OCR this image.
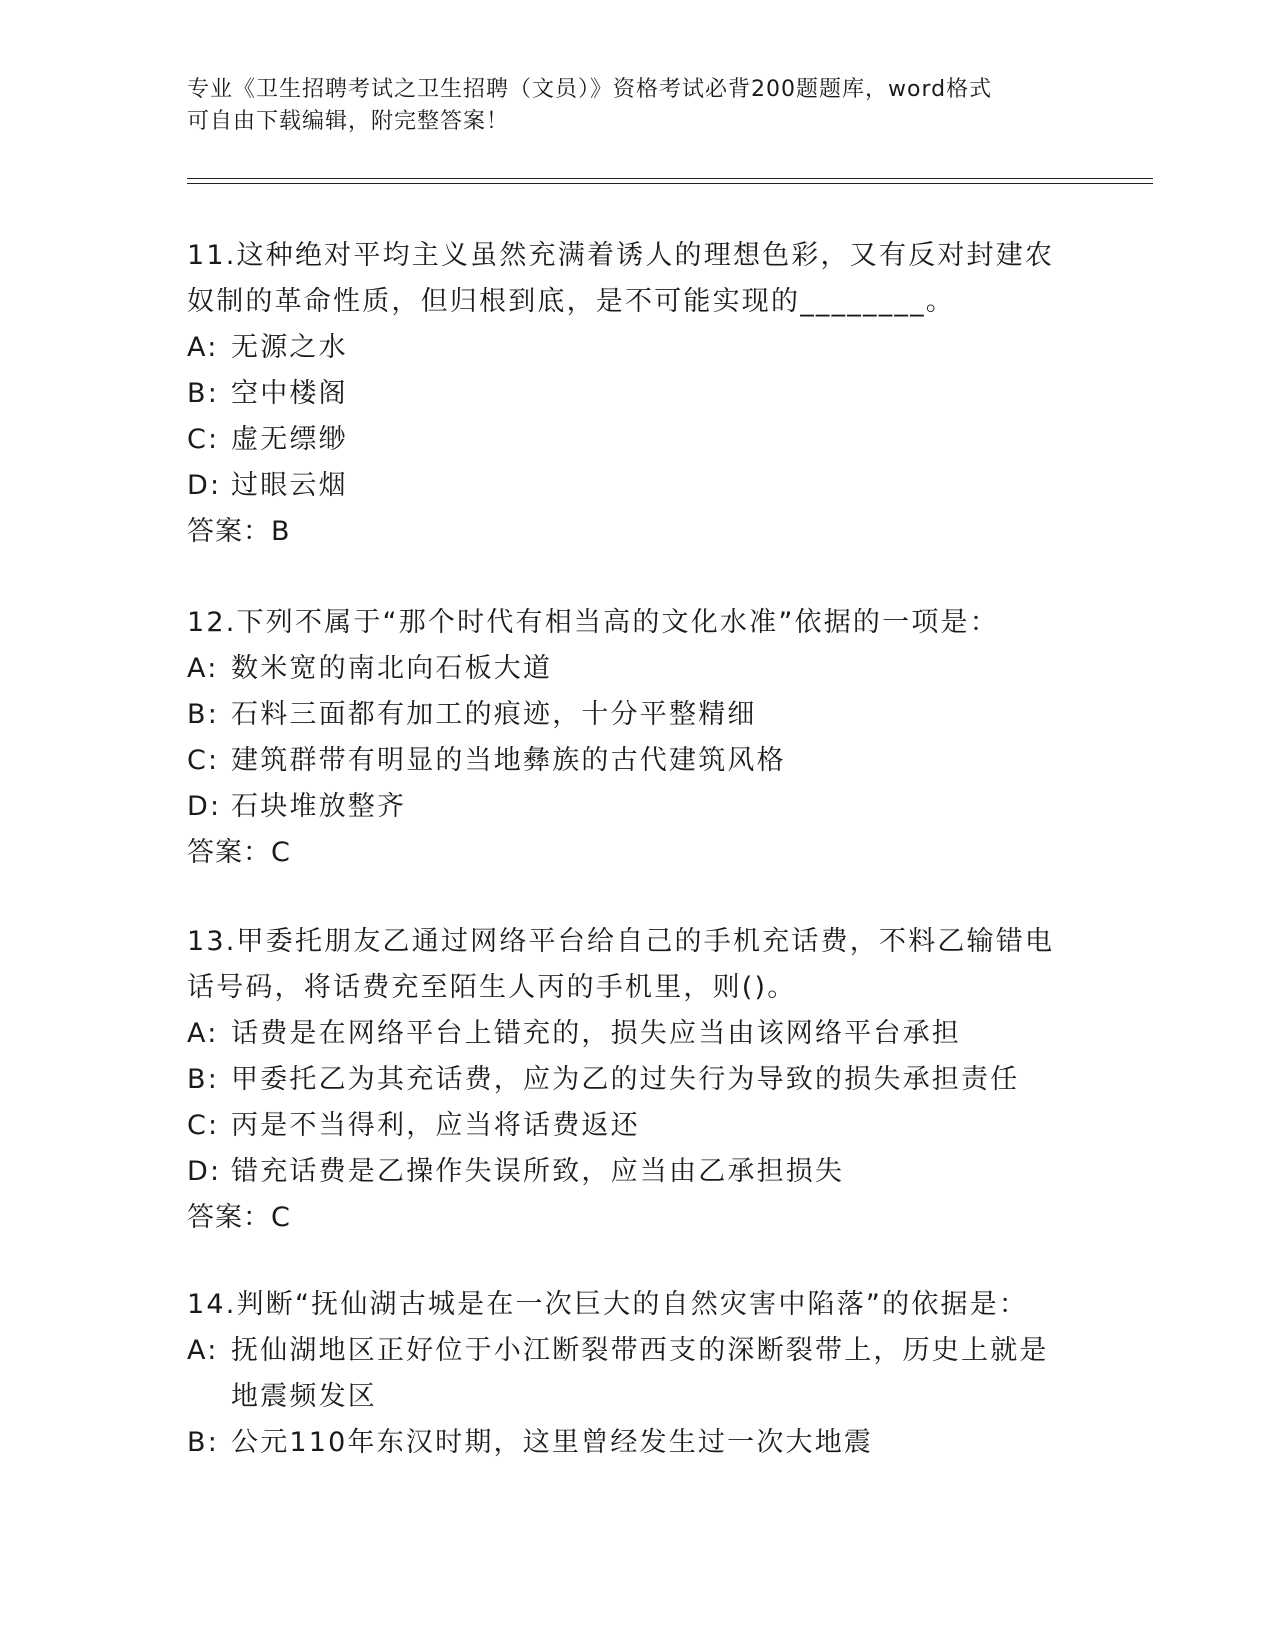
专业《卫生招聘考试之卫生招聘（文员）》资格考试必背200题题库，word格式
可自由下载编辑，附完整答案！

11.这种绝对平均主义虽然充满着诱人的理想色彩，又有反对封建农奴制的革命性质，但归根到底，是不可能实现的________。

A: 无源之水

B: 空中楼阁

C: 虚无缥缈

D: 过眼云烟

答案：B

12.下列不属于“那个时代有相当高的文化水准”依据的一项是：

A: 数米宽的南北向石板大道

B: 石料三面都有加工的痕迹，十分平整精细

C: 建筑群带有明显的当地彝族的古代建筑风格

D: 石块堆放整齐

答案：C

13.甲委托朋友乙通过网络平台给自己的手机充话费，不料乙输错电话号码，将话费充至陌生人丙的手机里，则()。

A: 话费是在网络平台上错充的，损失应当由该网络平台承担

B: 甲委托乙为其充话费，应为乙的过失行为导致的损失承担责任

C: 丙是不当得利，应当将话费返还

D: 错充话费是乙操作失误所致，应当由乙承担损失

答案：C

14.判断“抚仙湖古城是在一次巨大的自然灾害中陷落”的依据是：

A: 抚仙湖地区正好位于小江断裂带西支的深断裂带上，历史上就是地震频发区

B: 公元110年东汉时期，这里曾经发生过一次大地震
